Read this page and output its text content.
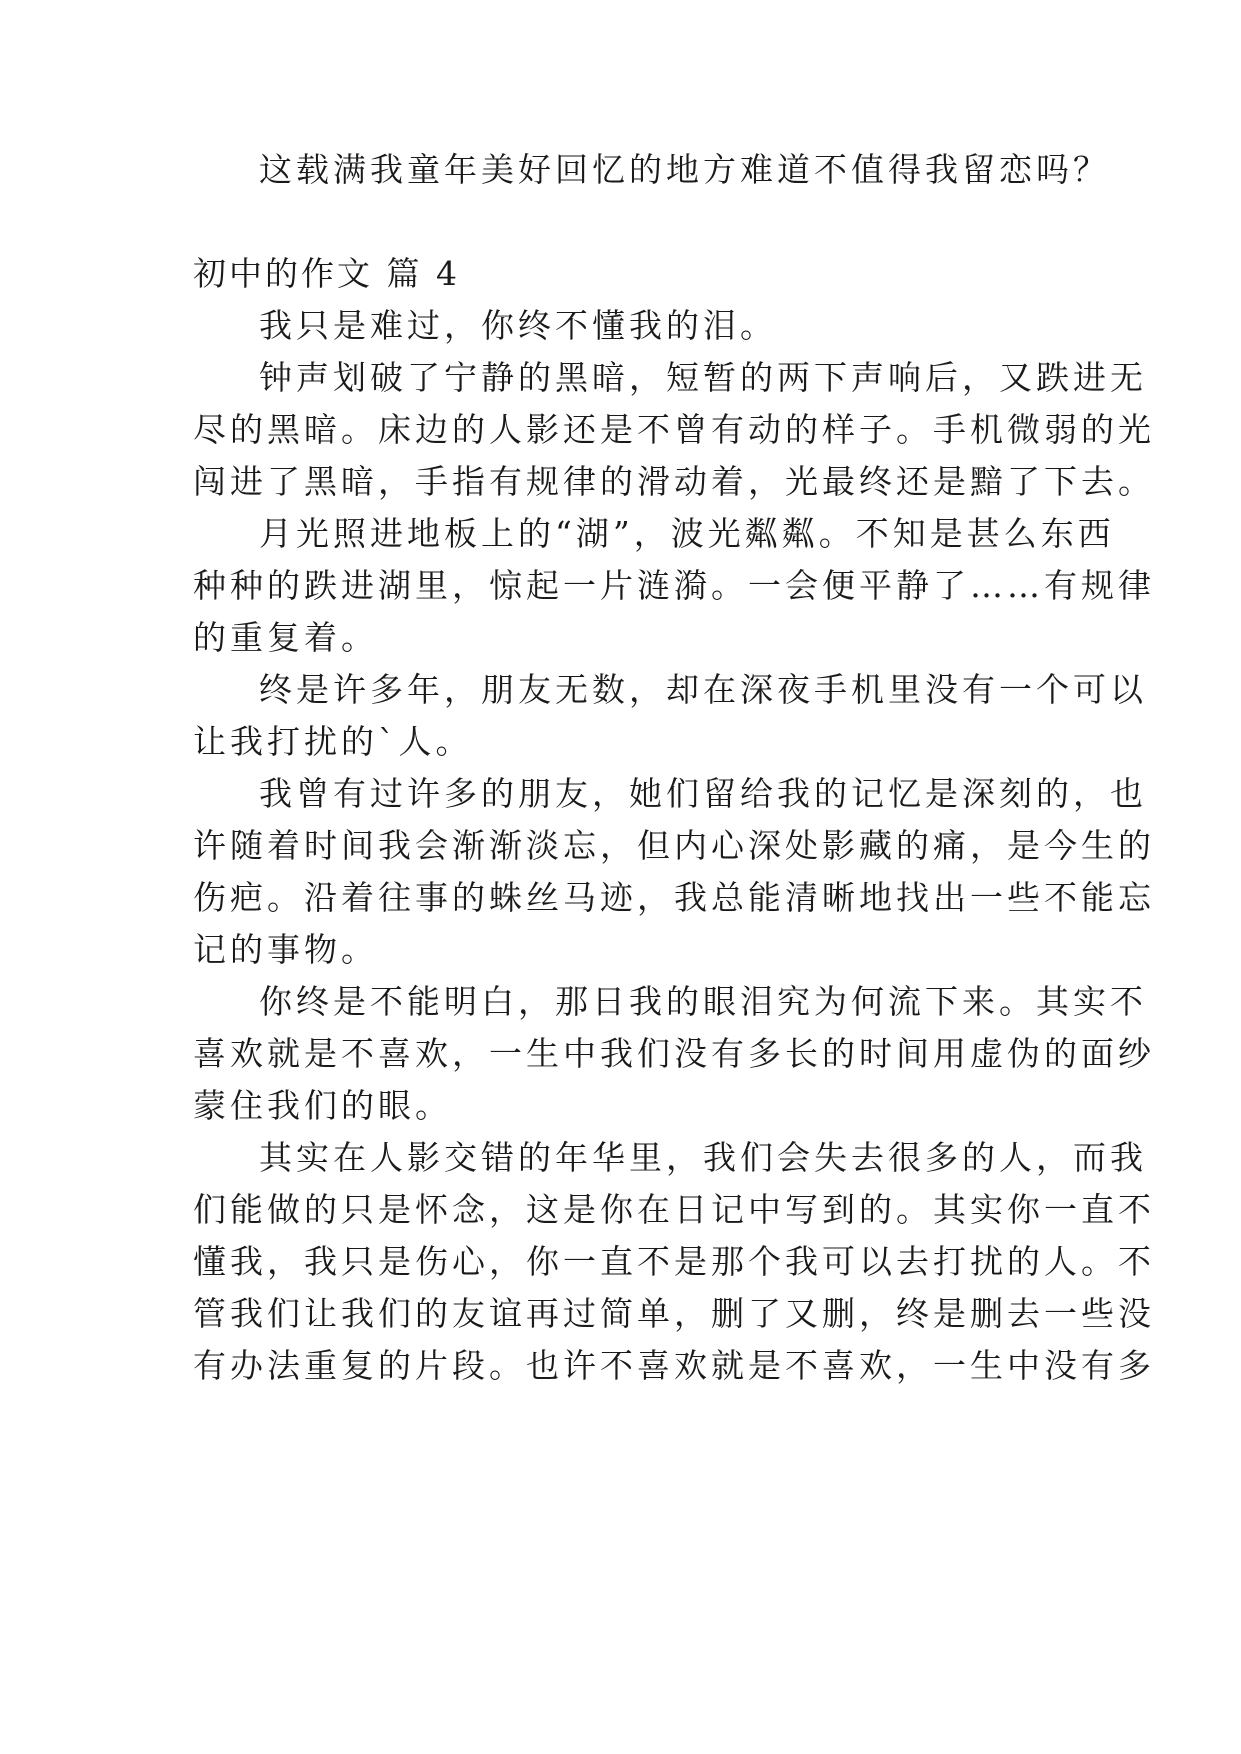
这载满我童年美好回忆的地方难道不值得我留恋吗？
初中的作文 篇 4
我只是难过，你终不懂我的泪。
钟声划破了宁静的黑暗，短暂的两下声响后，又跌进无
尽的黑暗。床边的人影还是不曾有动的样子。手机微弱的光
闯进了黑暗，手指有规律的滑动着，光最终还是黯了下去。
月光照进地板上的“湖”，波光粼粼。不知是甚么东西
种种的跌进湖里，惊起一片涟漪。一会便平静了……有规律
的重复着。
终是许多年，朋友无数，却在深夜手机里没有一个可以
让我打扰的`人。
我曾有过许多的朋友，她们留给我的记忆是深刻的，也
许随着时间我会渐渐淡忘，但内心深处影藏的痛，是今生的
伤疤。沿着往事的蛛丝马迹，我总能清晰地找出一些不能忘
记的事物。
你终是不能明白，那日我的眼泪究为何流下来。其实不
喜欢就是不喜欢，一生中我们没有多长的时间用虚伪的面纱
蒙住我们的眼。
其实在人影交错的年华里，我们会失去很多的人，而我
们能做的只是怀念，这是你在日记中写到的。其实你一直不
懂我，我只是伤心，你一直不是那个我可以去打扰的人。不
管我们让我们的友谊再过简单，删了又删，终是删去一些没
有办法重复的片段。也许不喜欢就是不喜欢，一生中没有多
